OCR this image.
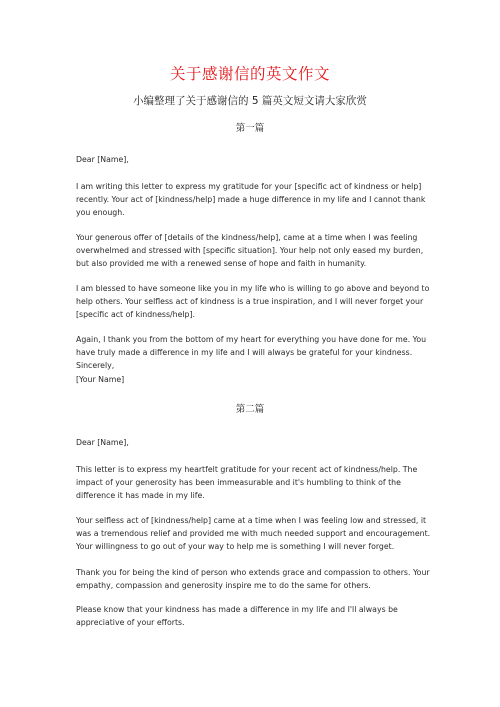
关于感谢信的英文作文
小编整理了关于感谢信的 5 篇英文短文请大家欣赏
第一篇

Dear [Name],

I am writing this letter to express my gratitude for your [specific act of kindness or help]
recently. Your act of [kindness/help] made a huge difference in my life and I cannot thank
you enough.

Your generous offer of [details of the kindness/help], came at a time when I was feeling
overwhelmed and stressed with [specific situation]. Your help not only eased my burden,
but also provided me with a renewed sense of hope and faith in humanity.

I am blessed to have someone like you in my life who is willing to go above and beyond to
help others. Your selfless act of kindness is a true inspiration, and I will never forget your
[specific act of kindness/help].

Again, I thank you from the bottom of my heart for everything you have done for me. You
have truly made a difference in my life and I will always be grateful for your kindness.
Sincerely,
[Your Name]

第二篇

Dear [Name],

This letter is to express my heartfelt gratitude for your recent act of kindness/help. The
impact of your generosity has been immeasurable and it's humbling to think of the
difference it has made in my life.

Your selfless act of [kindness/help] came at a time when I was feeling low and stressed, it
was a tremendous relief and provided me with much needed support and encouragement.
Your willingness to go out of your way to help me is something I will never forget.

Thank you for being the kind of person who extends grace and compassion to others. Your
empathy, compassion and generosity inspire me to do the same for others.

Please know that your kindness has made a difference in my life and I'll always be
appreciative of your efforts.
